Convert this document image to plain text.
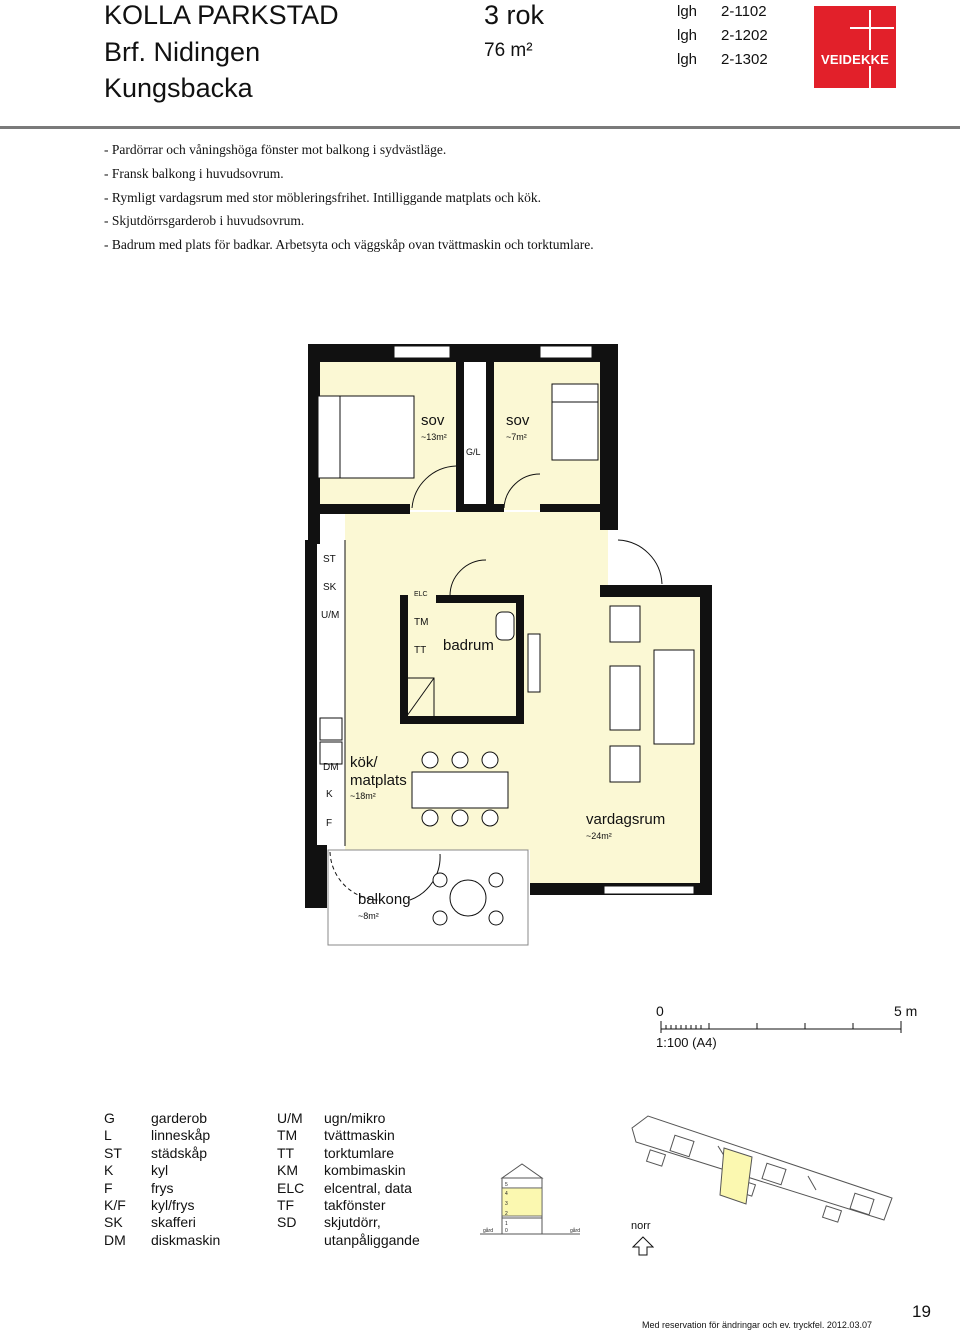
KOLLA PARKSTAD
Brf. Nidingen
Kungsbacka
3 rok
76 m²
lgh 2-1102
lgh 2-1202
lgh 2-1302	VEIDEKKE
- Pardörrar och våningshöga fönster mot balkong i sydvästläge.
- Fransk balkong i huvudsovrum.
- Rymligt vardagsrum med stor möbleringsfrihet. Intilliggande matplats och kök.
- Skjutdörrsgarderob i huvudsovrum.
- Badrum med plats för badkar. Arbetsyta och väggskåp ovan tvättmaskin och torktumlare.
sov
~13m²
sov
~7m²
G/L
ST
SK
U/M
ELC
TM
TT badrum
DM
K
F
kök/
matplats
~18m²
vardagsrum
~24m²
balkong
~8m²
0	5 m
1:100 (A4)
G	garderob
L	linneskåp
ST	städskåp
K	kyl
F	frys
K/F	kyl/frys
SK	skafferi
DM	diskmaskin
U/M	ugn/mikro
TM	tvättmaskin
TT	torktumlare
KM	kombimaskin
ELC	elcentral, data
TF	takfönster
SD	skjutdörr,
utanpåliggande
5
4
3
2
1
0
gård	gård	norr
Med reservation för ändringar och ev. tryckfel. 2012.03.07
19
